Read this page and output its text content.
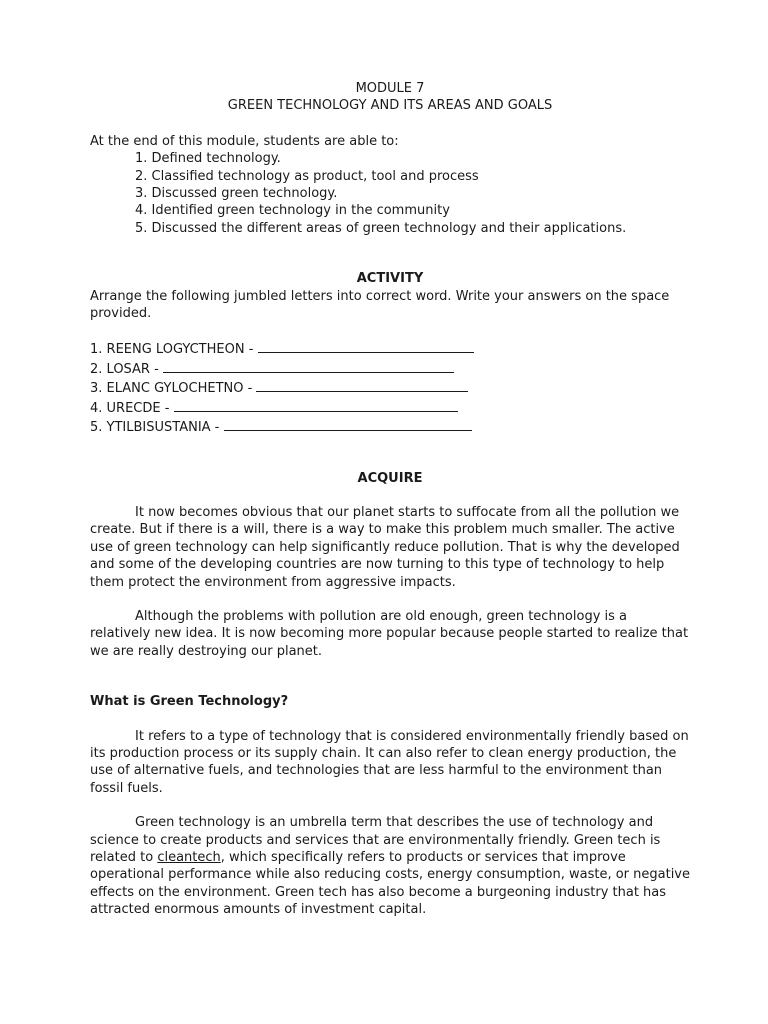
MODULE 7
GREEN TECHNOLOGY AND ITS AREAS AND GOALS
At the end of this module, students are able to:
1. Defined technology.
2. Classified technology as product, tool and process
3. Discussed green technology.
4. Identified green technology in the community
5. Discussed the different areas of green technology and their applications.
ACTIVITY
Arrange the following jumbled letters into correct word. Write your answers on the space provided.
1. REENG LOGYCTHEON -
2. LOSAR -
3. ELANC GYLOCHETNO -
4. URECDE -
5. YTILBISUSTANIA -
ACQUIRE

It now becomes obvious that our planet starts to suffocate from all the pollution we create. But if there is a will, there is a way to make this problem much smaller. The active use of green technology can help significantly reduce pollution. That is why the developed and some of the developing countries are now turning to this type of technology to help them protect the environment from aggressive impacts.

Although the problems with pollution are old enough, green technology is a relatively new idea. It is now becoming more popular because people started to realize that we are really destroying our planet.

What is Green Technology?

It refers to a type of technology that is considered environmentally friendly based on its production process or its supply chain. It can also refer to clean energy production, the use of alternative fuels, and technologies that are less harmful to the environment than fossil fuels.

Green technology is an umbrella term that describes the use of technology and science to create products and services that are environmentally friendly. Green tech is related to cleantech, which specifically refers to products or services that improve operational performance while also reducing costs, energy consumption, waste, or negative effects on the environment. Green tech has also become a burgeoning industry that has attracted enormous amounts of investment capital.
